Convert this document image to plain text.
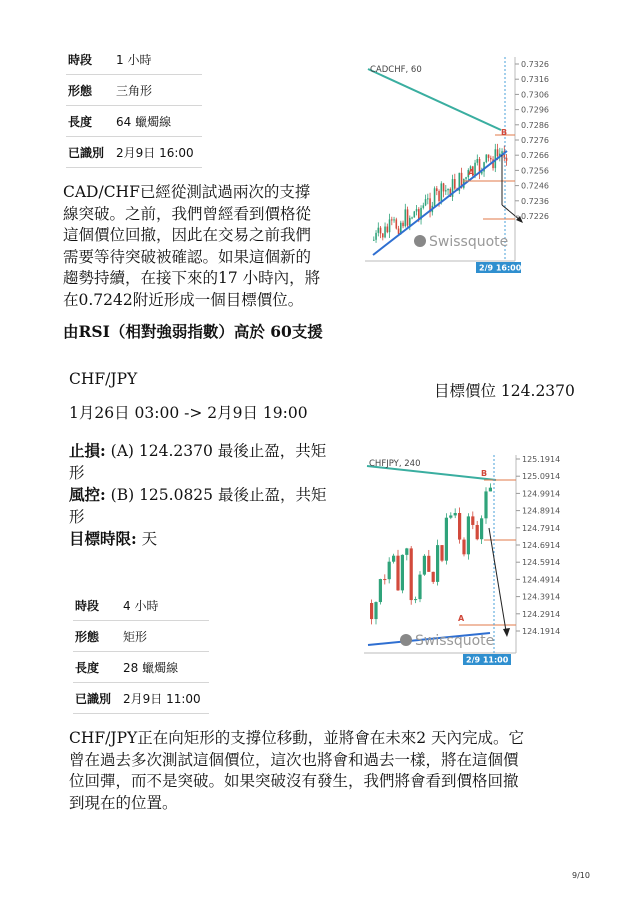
時段	1 小時
形態	三角形
長度	64 蠟燭線
已識別	2月9日 16:00
CAD/CHF已經從測試過兩次的支撐
線突破。之前，我們曾經看到價格從
這個價位回撤，因此在交易之前我們
需要等待突破被確認。如果這個新的
趨勢持續，在接下來的17 小時內，將
在0.7242附近形成一個目標價位。
由RSI（相對強弱指數）高於 60支援
B
A
CADCHF, 60
Swissquote
0.7326
0.7316
0.7306
0.7296
0.7286
0.7276
0.7266
0.7256
0.7246
0.7236
0.7226
2/9 16:00
CHF/JPY
目標價位 124.2370
1月26日 03:00 -> 2月9日 19:00
止損: (A) 124.2370 最後止盈，共矩形
風控: (B) 125.0825 最後止盈，共矩形
目標時限: 天
時段	4 小時
形態	矩形
長度	28 蠟燭線
已識別	2月9日 11:00
B
A
CHFJPY, 240
Swissquote
125.1914
125.0914
124.9914
124.8914
124.7914
124.6914
124.5914
124.4914
124.3914
124.2914
124.1914
2/9 11:00
CHF/JPY正在向矩形的支撐位移動，並將會在未來2 天內完成。它
曾在過去多次測試這個價位，這次也將會和過去一樣，將在這個價
位回彈，而不是突破。如果突破沒有發生，我們將會看到價格回撤
到現在的位置。
9/10
